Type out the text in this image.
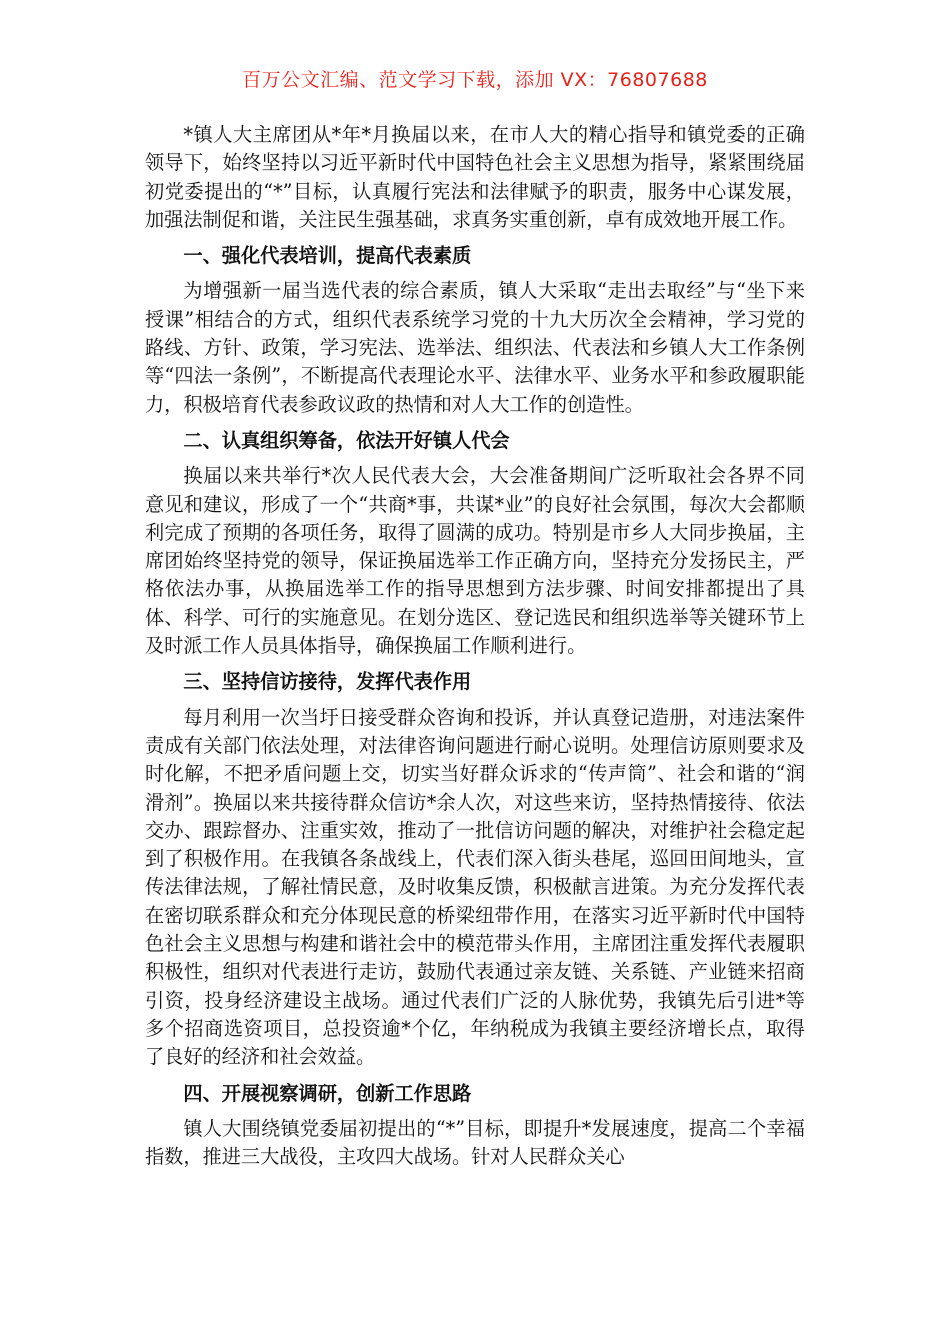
百万公文汇编、范文学习下载，添加 VX：76807688

*镇人大主席团从*年*月换届以来，在市人大的精心指导和镇党委的正确领导下，始终坚持以习近平新时代中国特色社会主义思想为指导，紧紧围绕届初党委提出的“*”目标，认真履行宪法和法律赋予的职责，服务中心谋发展，加强法制促和谐，关注民生强基础，求真务实重创新，卓有成效地开展工作。

一、强化代表培训，提高代表素质

为增强新一届当选代表的综合素质，镇人大采取“走出去取经”与“坐下来授课”相结合的方式，组织代表系统学习党的十九大历次全会精神，学习党的路线、方针、政策，学习宪法、选举法、组织法、代表法和乡镇人大工作条例等“四法一条例”，不断提高代表理论水平、法律水平、业务水平和参政履职能力，积极培育代表参政议政的热情和对人大工作的创造性。

二、认真组织筹备，依法开好镇人代会

换届以来共举行*次人民代表大会，大会准备期间广泛听取社会各界不同意见和建议，形成了一个“共商*事，共谋*业”的良好社会氛围，每次大会都顺利完成了预期的各项任务，取得了圆满的成功。特别是市乡人大同步换届，主席团始终坚持党的领导，保证换届选举工作正确方向，坚持充分发扬民主，严格依法办事，从换届选举工作的指导思想到方法步骤、时间安排都提出了具体、科学、可行的实施意见。在划分选区、登记选民和组织选举等关键环节上及时派工作人员具体指导，确保换届工作顺利进行。

三、坚持信访接待，发挥代表作用

每月利用一次当圩日接受群众咨询和投诉，并认真登记造册，对违法案件责成有关部门依法处理，对法律咨询问题进行耐心说明。处理信访原则要求及时化解，不把矛盾问题上交，切实当好群众诉求的“传声筒”、社会和谐的“润滑剂”。换届以来共接待群众信访*余人次，对这些来访，坚持热情接待、依法交办、跟踪督办、注重实效，推动了一批信访问题的解决，对维护社会稳定起到了积极作用。在我镇各条战线上，代表们深入街头巷尾，巡回田间地头，宣传法律法规，了解社情民意，及时收集反馈，积极献言进策。为充分发挥代表在密切联系群众和充分体现民意的桥梁纽带作用，在落实习近平新时代中国特色社会主义思想与构建和谐社会中的模范带头作用，主席团注重发挥代表履职积极性，组织对代表进行走访，鼓励代表通过亲友链、关系链、产业链来招商引资，投身经济建设主战场。通过代表们广泛的人脉优势，我镇先后引进*等多个招商选资项目，总投资逾*个亿，年纳税成为我镇主要经济增长点，取得了良好的经济和社会效益。

四、开展视察调研，创新工作思路

镇人大围绕镇党委届初提出的“*”目标，即提升*发展速度，提高二个幸福指数，推进三大战役，主攻四大战场。针对人民群众关心
